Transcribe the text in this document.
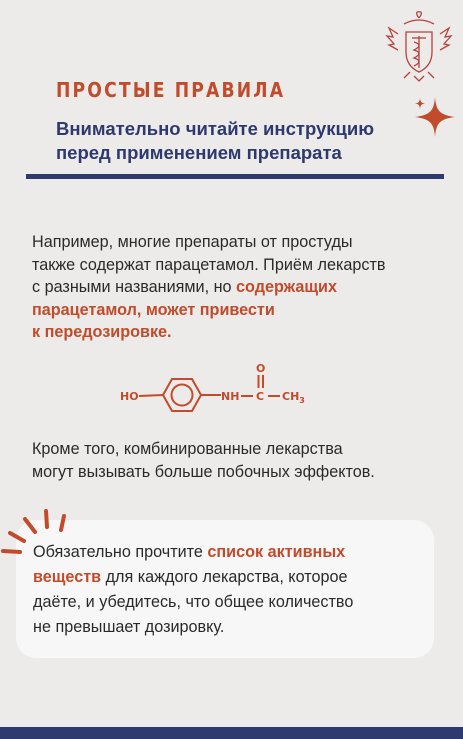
ПРОСТЫЕ ПРАВИЛА
Внимательно читайте инструкцию
перед применением препарата
Например, многие препараты от простуды
также содержат парацетамол. Приём лекарств
с разными названиями, но содержащих
парацетамол, может привести
к передозировке.
HO	NH C
O
$CH_3$
Кроме того, комбинированные лекарства
могут вызывать больше побочных эффектов.
Обязательно прочтите список активных
веществ для каждого лекарства, которое
даёте, и убедитесь, что общее количество
не превышает дозировку.
